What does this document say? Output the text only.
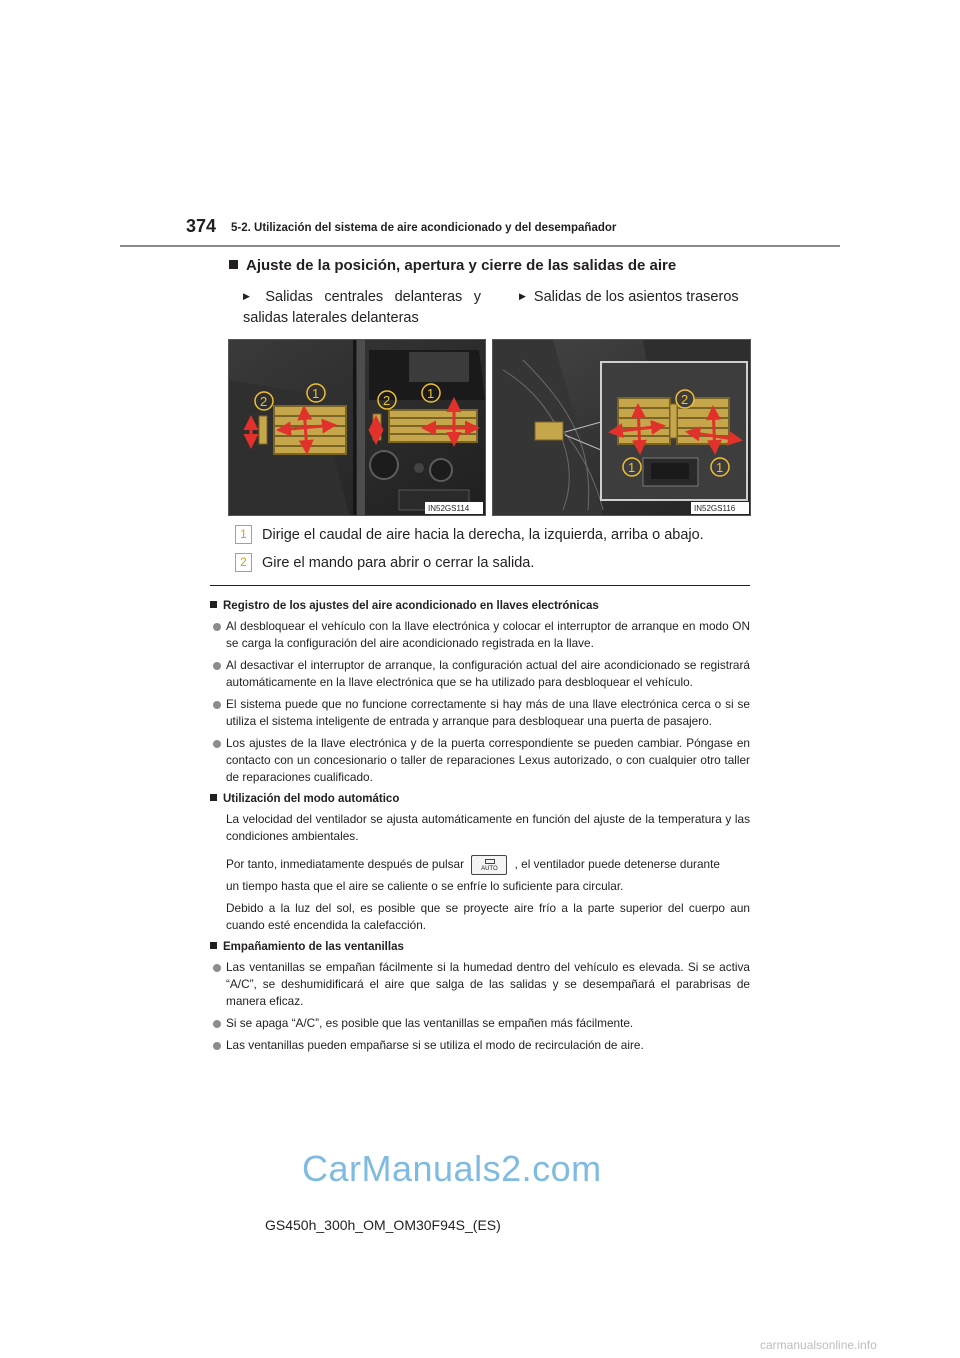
374 5-2. Utilización del sistema de aire acondicionado y del desempañador
Ajuste de la posición, apertura y cierre de las salidas de aire
▶ Salidas centrales delanteras y salidas laterales delanteras
▶ Salidas de los asientos traseros
2
1	2	1
IN52GS114
2
1	1
IN52GS116
1 Dirige el caudal de aire hacia la derecha, la izquierda, arriba o abajo.
2 Gire el mando para abrir o cerrar la salida.
Registro de los ajustes del aire acondicionado en llaves electrónicas
Al desbloquear el vehículo con la llave electrónica y colocar el interruptor de arranque en modo ON se carga la configuración del aire acondicionado registrada en la llave.
Al desactivar el interruptor de arranque, la configuración actual del aire acondicionado se registrará automáticamente en la llave electrónica que se ha utilizado para desbloquear el vehículo.
El sistema puede que no funcione correctamente si hay más de una llave electrónica cerca o si se utiliza el sistema inteligente de entrada y arranque para desbloquear una puerta de pasajero.
Los ajustes de la llave electrónica y de la puerta correspondiente se pueden cambiar. Póngase en contacto con un concesionario o taller de reparaciones Lexus autorizado, o con cualquier otro taller de reparaciones cualificado.
Utilización del modo automático
La velocidad del ventilador se ajusta automáticamente en función del ajuste de la temperatura y las condiciones ambientales.
Por tanto, inmediatamente después de pulsar	AUTO , el ventilador puede detenerse durante
un tiempo hasta que el aire se caliente o se enfríe lo suficiente para circular.
Debido a la luz del sol, es posible que se proyecte aire frío a la parte superior del cuerpo aun cuando esté encendida la calefacción.
Empañamiento de las ventanillas
Las ventanillas se empañan fácilmente si la humedad dentro del vehículo es elevada. Si se activa “A/C”, se deshumidificará el aire que salga de las salidas y se desempañará el parabrisas de manera eficaz.
Si se apaga “A/C”, es posible que las ventanillas se empañen más fácilmente.
Las ventanillas pueden empañarse si se utiliza el modo de recirculación de aire.
CarManuals2.com
GS450h_300h_OM_OM30F94S_(ES)
carmanualsonline.info
